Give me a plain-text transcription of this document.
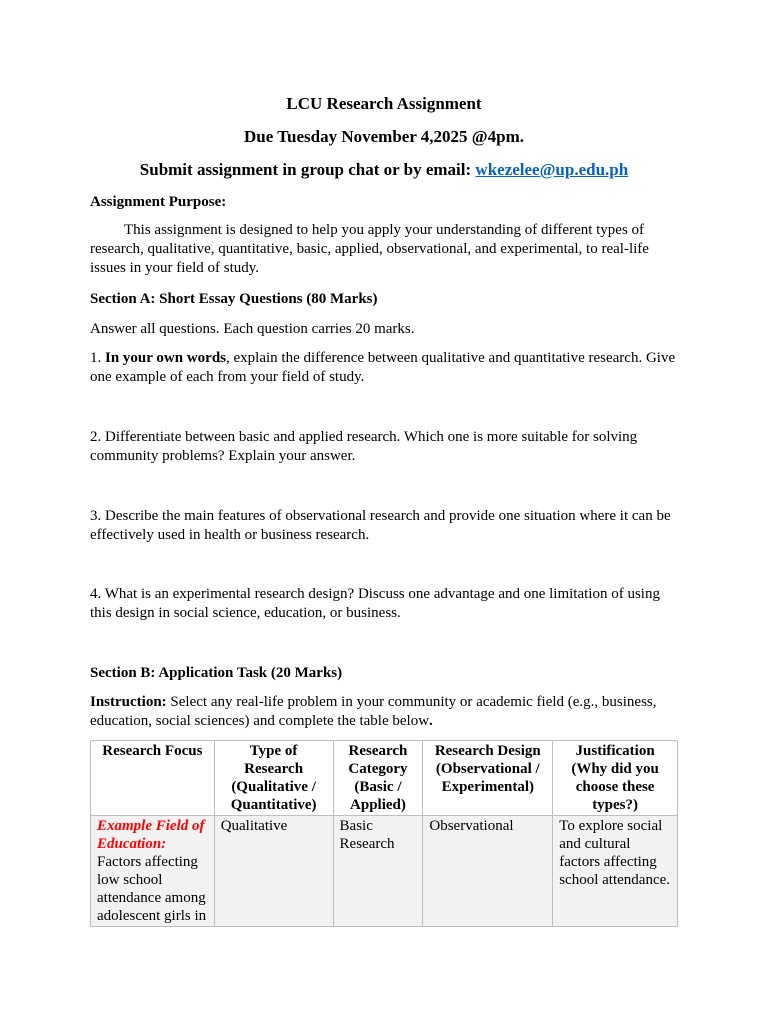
LCU Research Assignment
Due Tuesday November 4,2025 @4pm.
Submit assignment in group chat or by email: wkezelee@up.edu.ph
Assignment Purpose:
This assignment is designed to help you apply your understanding of different types of research, qualitative, quantitative, basic, applied, observational, and experimental, to real-life issues in your field of study.
Section A: Short Essay Questions (80 Marks)
Answer all questions. Each question carries 20 marks.
1. In your own words, explain the difference between qualitative and quantitative research. Give one example of each from your field of study.
2. Differentiate between basic and applied research. Which one is more suitable for solving community problems? Explain your answer.
3. Describe the main features of observational research and provide one situation where it can be effectively used in health or business research.
4. What is an experimental research design? Discuss one advantage and one limitation of using this design in social science, education, or business.
Section B: Application Task (20 Marks)
Instruction: Select any real-life problem in your community or academic field (e.g., business, education, social sciences) and complete the table below.
Research Focus	Type of Research (Qualitative / Quantitative)	Research Category (Basic / Applied)	Research Design (Observational / Experimental)	Justification (Why did you choose these types?)
Example Field of Education:
Factors affecting low school attendance among adolescent girls in	Qualitative	Basic Research	Observational	To explore social and cultural factors affecting school attendance.
